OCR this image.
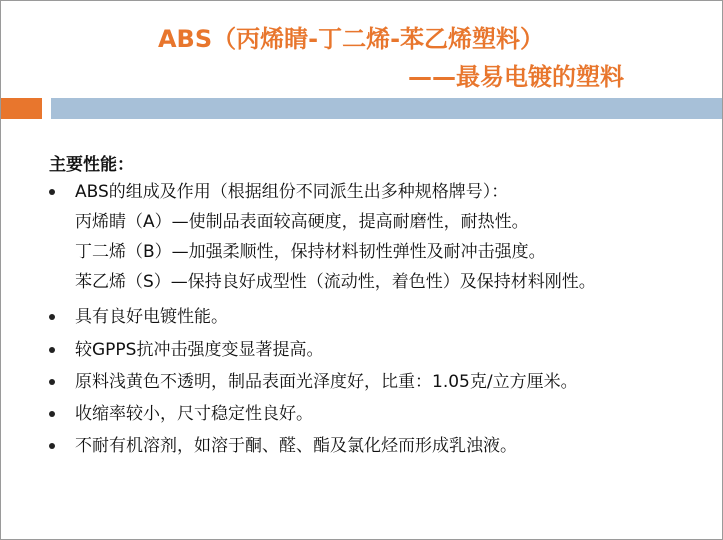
ABS（丙烯睛-丁二烯-苯乙烯塑料）
——最易电镀的塑料
主要性能：
ABS的组成及作用（根据组份不同派生出多种规格牌号）：
丙烯睛（A）—使制品表面较高硬度，提高耐磨性，耐热性。
丁二烯（B）—加强柔顺性，保持材料韧性弹性及耐冲击强度。
苯乙烯（S）—保持良好成型性（流动性，着色性）及保持材料刚性。
具有良好电镀性能。
较GPPS抗冲击强度变显著提高。
原料浅黄色不透明，制品表面光泽度好，比重：1.05克/立方厘米。
收缩率较小，尺寸稳定性良好。
不耐有机溶剂，如溶于酮、醛、酯及氯化烃而形成乳浊液。
